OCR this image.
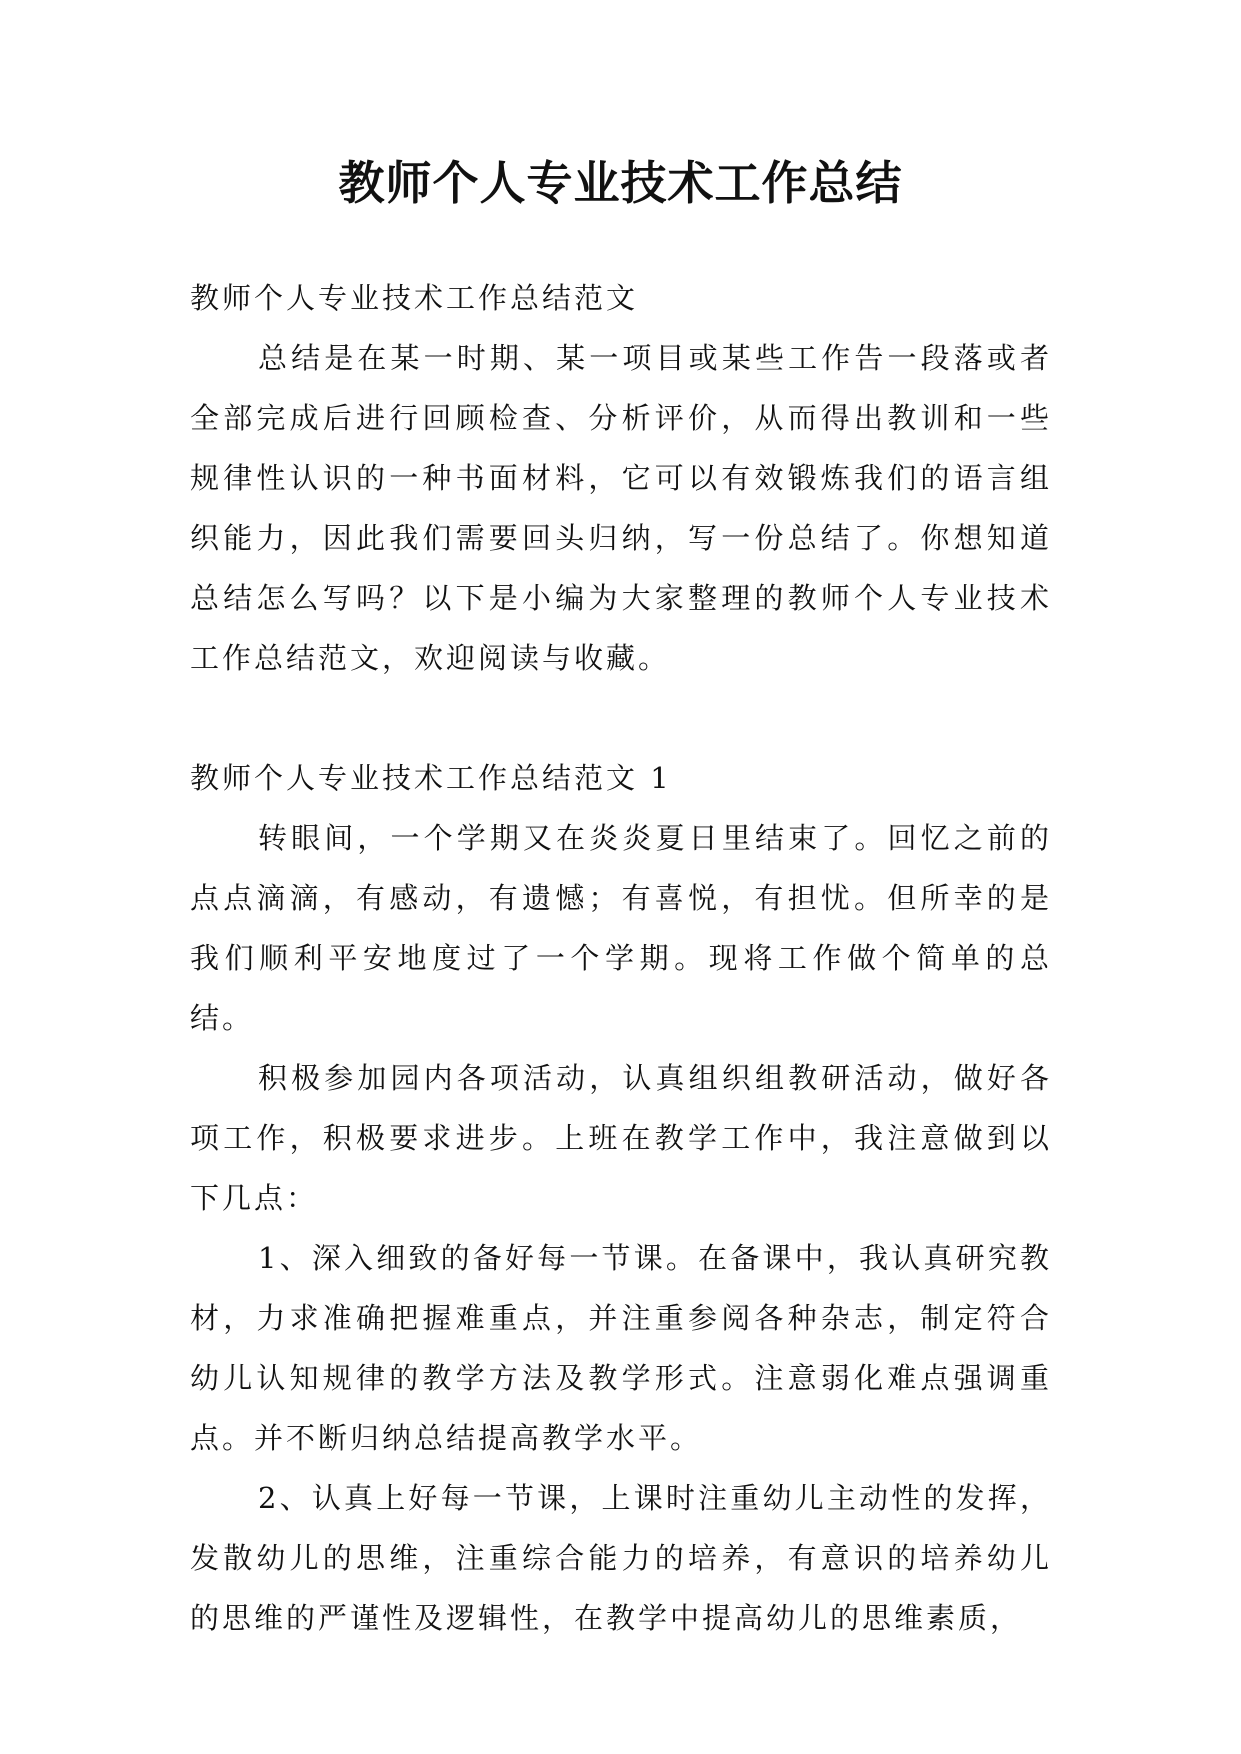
教师个人专业技术工作总结

教师个人专业技术工作总结范文

总结是在某一时期、某一项目或某些工作告一段落或者全部完成后进行回顾检查、分析评价，从而得出教训和一些规律性认识的一种书面材料，它可以有效锻炼我们的语言组织能力，因此我们需要回头归纳，写一份总结了。你想知道总结怎么写吗？以下是小编为大家整理的教师个人专业技术工作总结范文，欢迎阅读与收藏。

教师个人专业技术工作总结范文 1

转眼间，一个学期又在炎炎夏日里结束了。回忆之前的点点滴滴，有感动，有遗憾；有喜悦，有担忧。但所幸的是我们顺利平安地度过了一个学期。现将工作做个简单的总结。

积极参加园内各项活动，认真组织组教研活动，做好各项工作，积极要求进步。上班在教学工作中，我注意做到以下几点：

1、深入细致的备好每一节课。在备课中，我认真研究教材，力求准确把握难重点，并注重参阅各种杂志，制定符合幼儿认知规律的教学方法及教学形式。注意弱化难点强调重点。并不断归纳总结提高教学水平。

2、认真上好每一节课，上课时注重幼儿主动性的发挥，发散幼儿的思维，注重综合能力的培养，有意识的培养幼儿的思维的严谨性及逻辑性，在教学中提高幼儿的思维素质，
